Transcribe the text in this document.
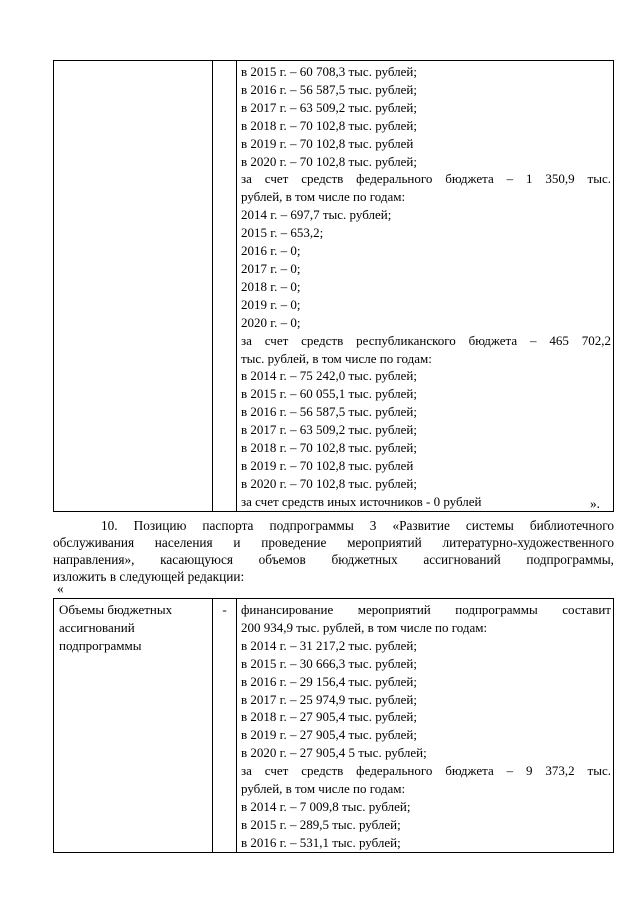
в 2015 г. – 60 708,3 тыс. рублей;
в 2016 г. – 56 587,5 тыс. рублей;
в 2017 г. – 63 509,2 тыс. рублей;
в 2018 г. – 70 102,8 тыс. рублей;
в 2019 г. – 70 102,8 тыс. рублей
в 2020 г. – 70 102,8 тыс. рублей;
за счет средств федерального бюджета – 1 350,9 тыс.
рублей, в том числе по годам:
2014 г. – 697,7 тыс. рублей;
2015 г. – 653,2;
2016 г. – 0;
2017 г. – 0;
2018 г. – 0;
2019 г. – 0;
2020 г. – 0;
за счет средств республиканского бюджета – 465 702,2
тыс. рублей, в том числе по годам:
в 2014 г. – 75 242,0 тыс. рублей;
в 2015 г. – 60 055,1 тыс. рублей;
в 2016 г. – 56 587,5 тыс. рублей;
в 2017 г. – 63 509,2 тыс. рублей;
в 2018 г. – 70 102,8 тыс. рублей;
в 2019 г. – 70 102,8 тыс. рублей
в 2020 г. – 70 102,8 тыс. рублей;
за счет средств иных источников - 0 рублей	».
10. Позицию паспорта подпрограммы 3 «Развитие системы библиотечного
обслуживания населения и проведение мероприятий литературно-художественного
направления», касающуюся объемов бюджетных ассигнований подпрограммы,
изложить в следующей редакции:
«
Объемы бюджетных
ассигнований
подпрограммы
	-	финансирование мероприятий подпрограммы составит
200 934,9 тыс. рублей, в том числе по годам:
в 2014 г. – 31 217,2 тыс. рублей;
в 2015 г. – 30 666,3 тыс. рублей;
в 2016 г. – 29 156,4 тыс. рублей;
в 2017 г. – 25 974,9 тыс. рублей;
в 2018 г. – 27 905,4 тыс. рублей;
в 2019 г. – 27 905,4 тыс. рублей;
в 2020 г. – 27 905,4 5 тыс. рублей;
за счет средств федерального бюджета – 9 373,2 тыс.
рублей, в том числе по годам:
в 2014 г. – 7 009,8 тыс. рублей;
в 2015 г. – 289,5 тыс. рублей;
в 2016 г. – 531,1 тыс. рублей;
